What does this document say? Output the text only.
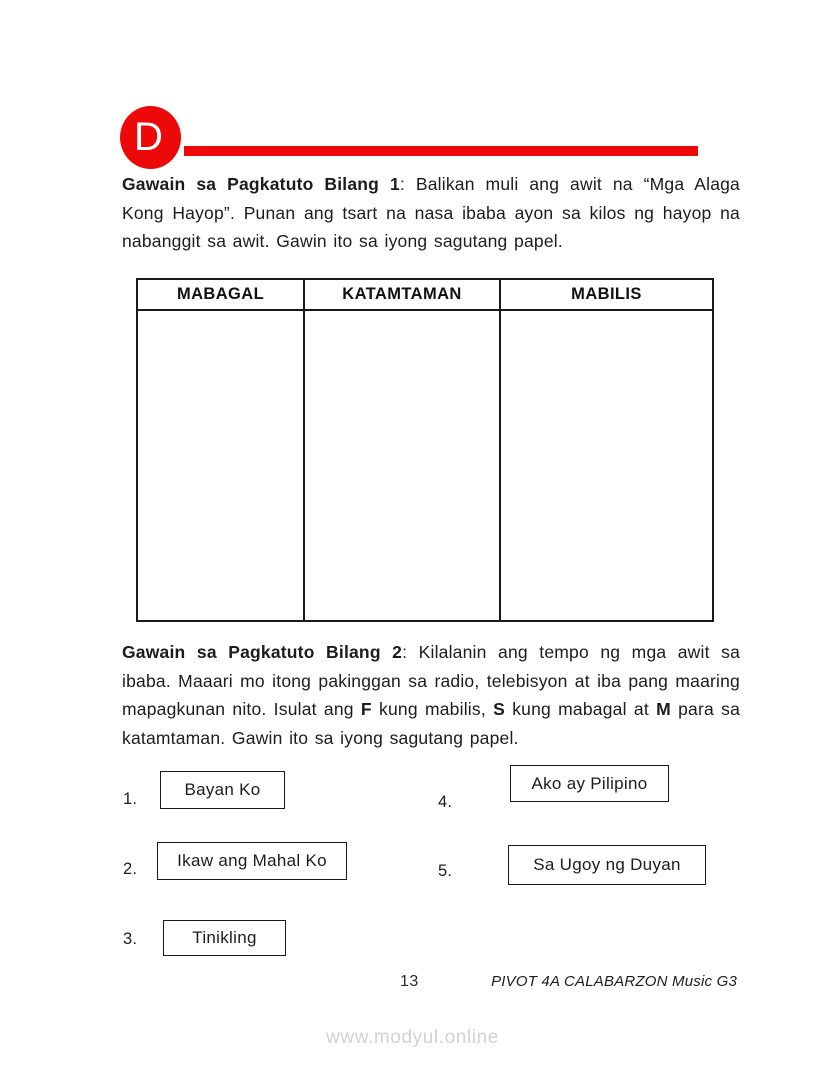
D

Gawain sa Pagkatuto Bilang 1: Balikan muli ang awit na “Mga Alaga Kong Hayop”. Punan ang tsart na nasa ibaba ayon sa kilos ng hayop na nabanggit sa awit. Gawin ito sa iyong sagutang papel.

MABAGAL	KATAMTAMAN	MABILIS

Gawain sa Pagkatuto Bilang 2: Kilalanin ang tempo ng mga awit sa ibaba. Maaari mo itong pakinggan sa radio, telebisyon at iba pang maaring mapagkunan nito. Isulat ang F kung mabilis, S kung mabagal at M para sa katamtaman. Gawin ito sa iyong sagutang papel.

1.	Bayan Ko
2.	Ikaw ang Mahal Ko
3.	Tinikling
4.
Ako ay Pilipino
5.	Sa Ugoy ng Duyan
13	PIVOT 4A CALABARZON Music G3
www.modyul.online
